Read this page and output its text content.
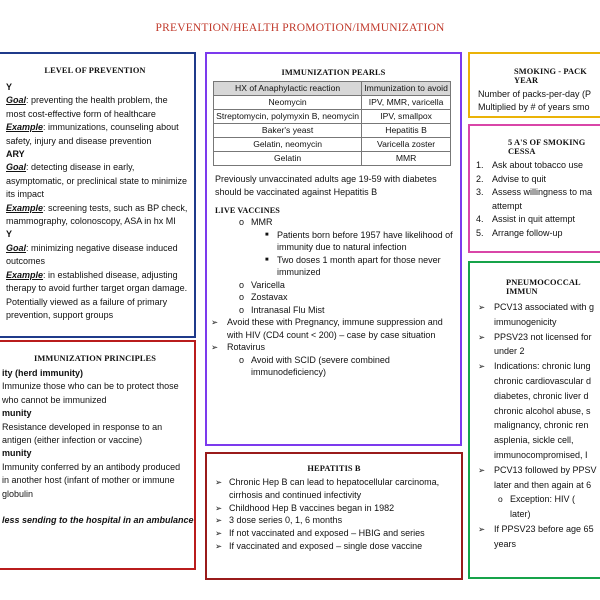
PREVENTION/HEALTH PROMOTION/IMMUNIZATION
LEVEL OF PREVENTION
Y
Goal: preventing the health problem, the
most cost-effective form of healthcare
Example: immunizations, counseling about
safety, injury and disease prevention
ARY
Goal: detecting disease in early,
asymptomatic, or preclinical state to minimize
its impact
Example: screening tests, such as BP check,
mammography, colonoscopy, ASA in hx MI
Y
Goal: minimizing negative disease induced
outcomes
Example: in established disease, adjusting
therapy to avoid further target organ damage.
Potentially viewed as a failure of primary
prevention, support groups
IMMUNIZATION PRINCIPLES
ity (herd immunity)
Immunize those who can be to protect those
who cannot be immunized
munity
Resistance developed in response to an
antigen (either infection or vaccine)
munity
Immunity conferred by an antibody produced
in another host (infant of mother or immune
globulin
less sending to the hospital in an ambulance
IMMUNIZATION PEARLS
HX of Anaphylactic reaction	Immunization to avoid
Neomycin	IPV, MMR, varicella
Streptomycin, polymyxin B, neomycin	IPV, smallpox
Baker's yeast	Hepatitis B
Gelatin, neomycin	Varicella zoster
Gelatin	MMR
Previously unvaccinated adults age 19-59 with diabetes should be vaccinated against Hepatitis B
LIVE VACCINES
o MMR
■ Patients born before 1957 have likelihood of immunity due to natural infection
■ Two doses 1 month apart for those never immunized
o Varicella
o Zostavax
o Intranasal Flu Mist
➢ Avoid these with Pregnancy, immune suppression and with HIV (CD4 count < 200) – case by case situation
➢ Rotavirus
o Avoid with SCID (severe combined immunodeficiency)
HEPATITIS B
➢ Chronic Hep B can lead to hepatocellular carcinoma, cirrhosis and continued infectivity
➢ Childhood Hep B vaccines began in 1982
➢ 3 dose series 0, 1, 6 months
➢ If not vaccinated and exposed – HBIG and series
➢ If vaccinated and exposed – single dose vaccine
SMOKING - PACK YEAR
Number of packs-per-day (P
Multiplied by # of years smo
5 A'S OF SMOKING CESSA
1. Ask about tobacco use
2. Advise to quit
3. Assess willingness to ma
attempt
4. Assist in quit attempt
5. Arrange follow-up
PNEUMOCOCCAL IMMUN
➢ PCV13 associated with g
immunogenicity
➢ PPSV23 not licensed for
under 2
➢ Indications: chronic lung
chronic cardiovascular d
diabetes, chronic liver d
chronic alcohol abuse, s
malignancy, chronic ren
asplenia, sickle cell,
immunocompromised, I
➢ PCV13 followed by PPSV
later and then again at 6
o Exception: HIV (
later)
➢ If PPSV23 before age 65
years
